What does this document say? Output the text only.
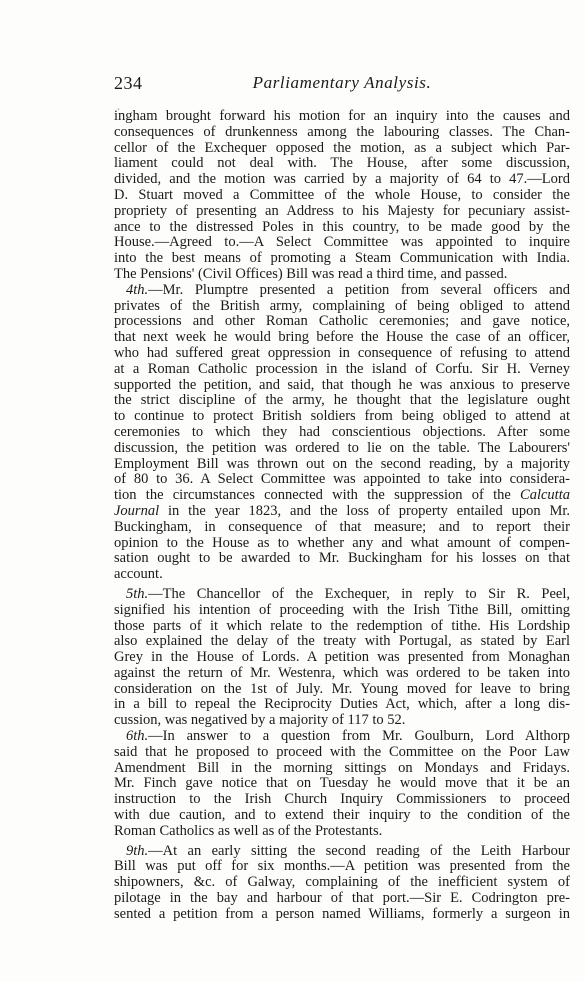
234	Parliamentary Analysis.
ˎ
ingham brought forward his motion for an inquiry into the causes and
consequences of drunkenness among the labouring classes. The Chan-
cellor of the Exchequer opposed the motion, as a subject which Par-
liament could not deal with. The House, after some discussion,
divided, and the motion was carried by a majority of 64 to 47.—Lord
D. Stuart moved a Committee of the whole House, to consider the
propriety of presenting an Address to his Majesty for pecuniary assist-
ance to the distressed Poles in this country, to be made good by the
House.—Agreed to.—A Select Committee was appointed to inquire
into the best means of promoting a Steam Communication with India.
The Pensions' (Civil Offices) Bill was read a third time, and passed.
4th.—Mr. Plumptre presented a petition from several officers and
privates of the British army, complaining of being obliged to attend
processions and other Roman Catholic ceremonies; and gave notice,
that next week he would bring before the House the case of an officer,
who had suffered great oppression in consequence of refusing to attend
at a Roman Catholic procession in the island of Corfu. Sir H. Verney
supported the petition, and said, that though he was anxious to preserve
the strict discipline of the army, he thought that the legislature ought
to continue to protect British soldiers from being obliged to attend at
ceremonies to which they had conscientious objections. After some
discussion, the petition was ordered to lie on the table. The Labourers'
Employment Bill was thrown out on the second reading, by a majority
of 80 to 36. A Select Committee was appointed to take into considera-
tion the circumstances connected with the suppression of the Calcutta
Journal in the year 1823, and the loss of property entailed upon Mr.
Buckingham, in consequence of that measure; and to report their
opinion to the House as to whether any and what amount of compen-
sation ought to be awarded to Mr. Buckingham for his losses on that
account.
5th.—The Chancellor of the Exchequer, in reply to Sir R. Peel,
signified his intention of proceeding with the Irish Tithe Bill, omitting
those parts of it which relate to the redemption of tithe. His Lordship
also explained the delay of the treaty with Portugal, as stated by Earl
Grey in the House of Lords. A petition was presented from Monaghan
against the return of Mr. Westenra, which was ordered to be taken into
consideration on the 1st of July. Mr. Young moved for leave to bring
in a bill to repeal the Reciprocity Duties Act, which, after a long dis-
cussion, was negatived by a majority of 117 to 52.
6th.—In answer to a question from Mr. Goulburn, Lord Althorp
said that he proposed to proceed with the Committee on the Poor Law
Amendment Bill in the morning sittings on Mondays and Fridays.
Mr. Finch gave notice that on Tuesday he would move that it be an
instruction to the Irish Church Inquiry Commissioners to proceed
with due caution, and to extend their inquiry to the condition of the
Roman Catholics as well as of the Protestants.
9th.—At an early sitting the second reading of the Leith Harbour
Bill was put off for six months.—A petition was presented from the
shipowners, &c. of Galway, complaining of the inefficient system of
pilotage in the bay and harbour of that port.—Sir E. Codrington pre-
sented a petition from a person named Williams, formerly a surgeon in
